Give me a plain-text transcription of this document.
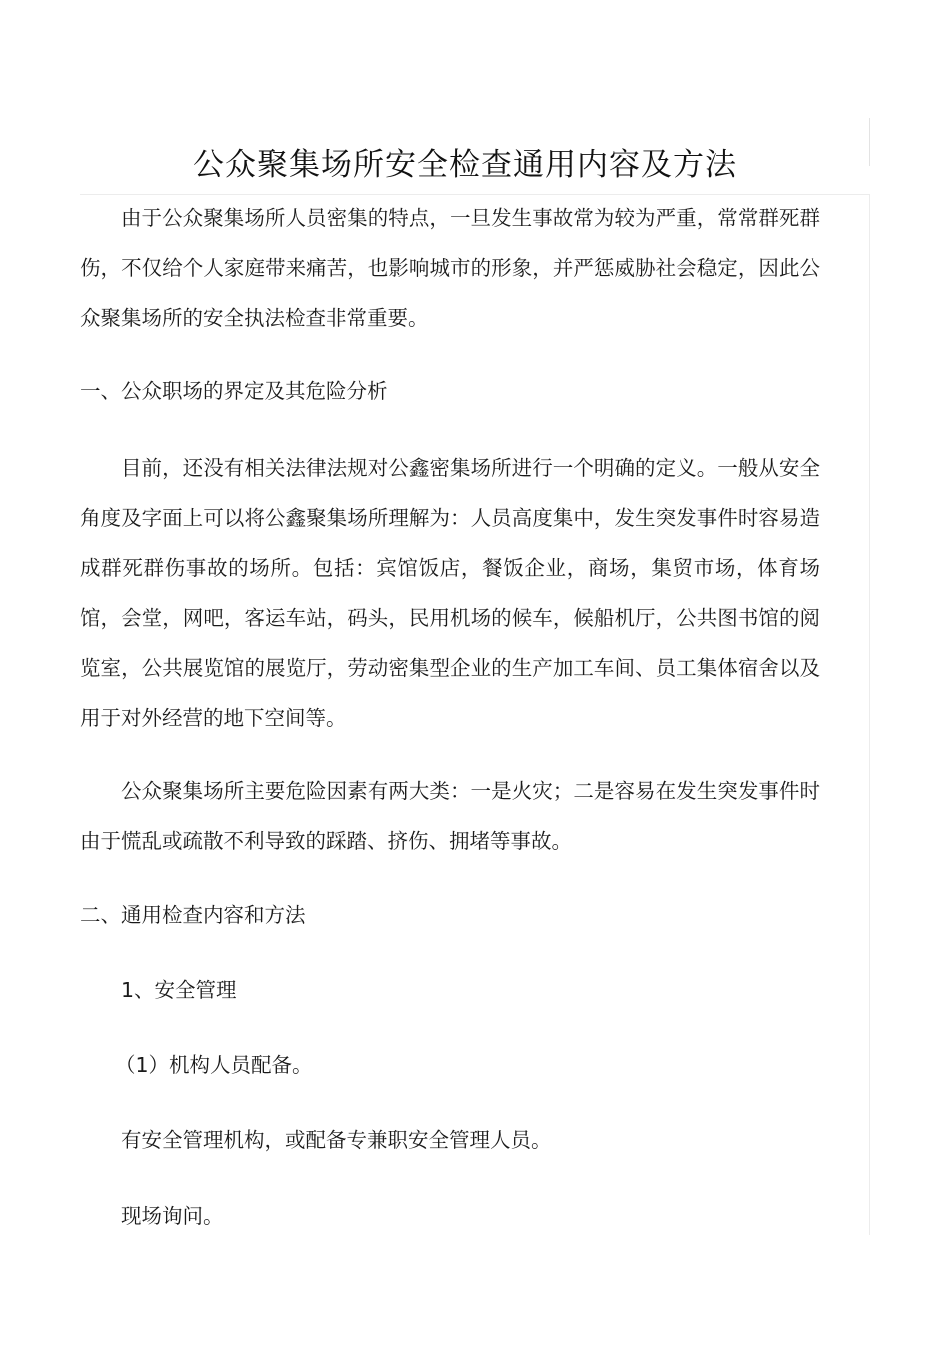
公众聚集场所安全检查通用内容及方法

由于公众聚集场所人员密集的特点，一旦发生事故常为较为严重，常常群死群伤，不仅给个人家庭带来痛苦，也影响城市的形象，并严惩威胁社会稳定，因此公众聚集场所的安全执法检查非常重要。

一、公众职场的界定及其危险分析

目前，还没有相关法律法规对公鑫密集场所进行一个明确的定义。一般从安全角度及字面上可以将公鑫聚集场所理解为：人员高度集中，发生突发事件时容易造成群死群伤事故的场所。包括：宾馆饭店，餐饭企业，商场，集贸市场，体育场馆，会堂，网吧，客运车站，码头，民用机场的候车，候船机厅，公共图书馆的阅览室，公共展览馆的展览厅，劳动密集型企业的生产加工车间、员工集体宿舍以及用于对外经营的地下空间等。

公众聚集场所主要危险因素有两大类：一是火灾；二是容易在发生突发事件时由于慌乱或疏散不利导致的踩踏、挤伤、拥堵等事故。

二、通用检查内容和方法

1、安全管理

（1）机构人员配备。

有安全管理机构，或配备专兼职安全管理人员。

现场询问。
